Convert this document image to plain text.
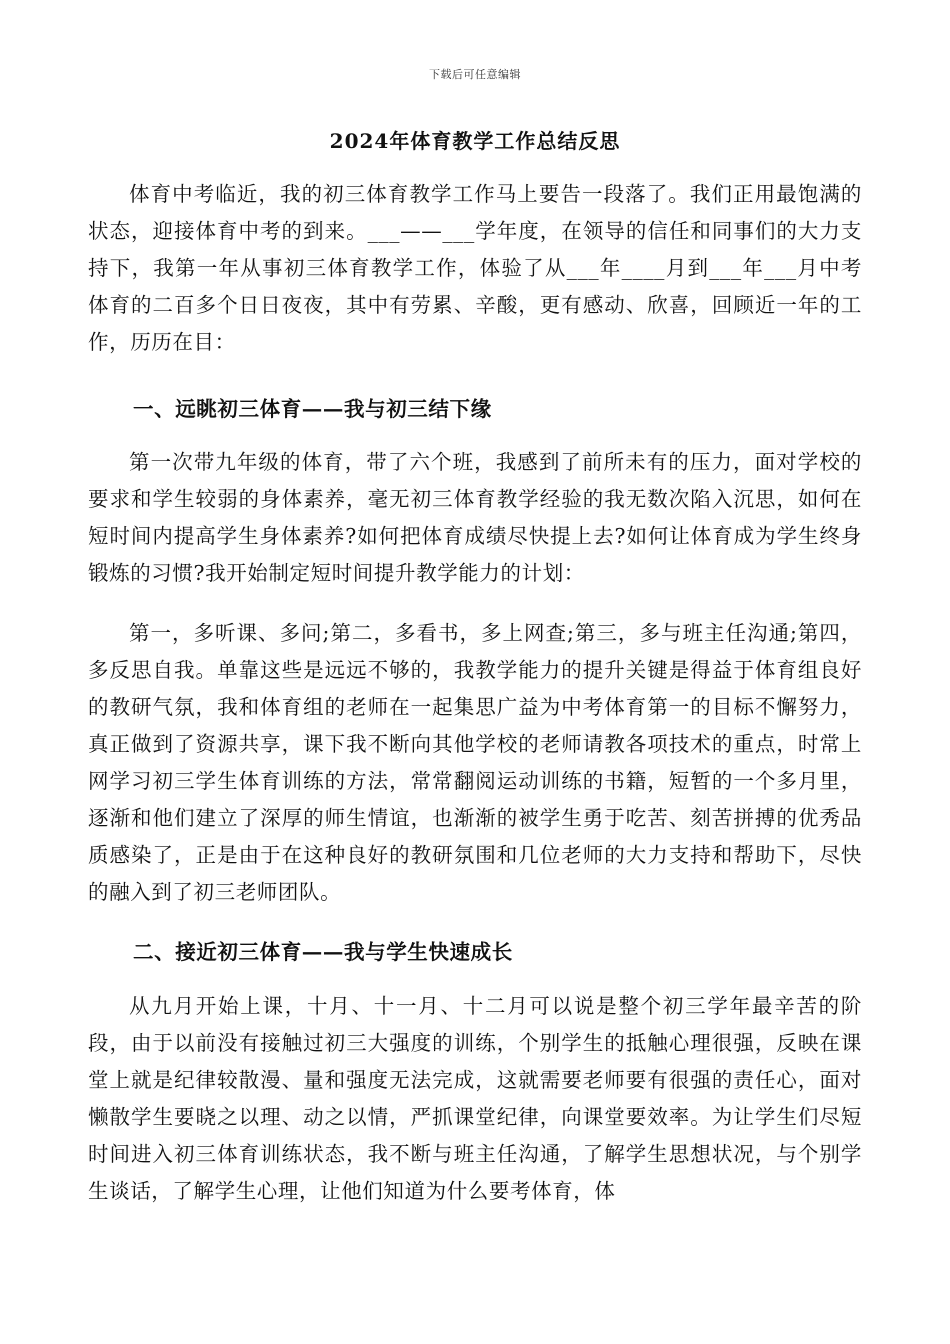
下载后可任意编辑
2024年体育教学工作总结反思

体育中考临近，我的初三体育教学工作马上要告一段落了。我们正用最饱满的状态，迎接体育中考的到来。___——___学年度，在领导的信任和同事们的大力支持下，我第一年从事初三体育教学工作，体验了从___年____月到___年___月中考体育的二百多个日日夜夜，其中有劳累、辛酸，更有感动、欣喜，回顾近一年的工作，历历在目：

一、远眺初三体育——我与初三结下缘

第一次带九年级的体育，带了六个班，我感到了前所未有的压力，面对学校的要求和学生较弱的身体素养，毫无初三体育教学经验的我无数次陷入沉思，如何在短时间内提高学生身体素养?如何把体育成绩尽快提上去?如何让体育成为学生终身锻炼的习惯?我开始制定短时间提升教学能力的计划：

第一，多听课、多问;第二，多看书，多上网查;第三，多与班主任沟通;第四，多反思自我。单靠这些是远远不够的，我教学能力的提升关键是得益于体育组良好的教研气氛，我和体育组的老师在一起集思广益为中考体育第一的目标不懈努力，真正做到了资源共享，课下我不断向其他学校的老师请教各项技术的重点，时常上网学习初三学生体育训练的方法，常常翻阅运动训练的书籍，短暂的一个多月里，逐渐和他们建立了深厚的师生情谊，也渐渐的被学生勇于吃苦、刻苦拼搏的优秀品质感染了，正是由于在这种良好的教研氛围和几位老师的大力支持和帮助下，尽快的融入到了初三老师团队。

二、接近初三体育——我与学生快速成长

从九月开始上课，十月、十一月、十二月可以说是整个初三学年最辛苦的阶段，由于以前没有接触过初三大强度的训练，个别学生的抵触心理很强，反映在课堂上就是纪律较散漫、量和强度无法完成，这就需要老师要有很强的责任心，面对懒散学生要晓之以理、动之以情，严抓课堂纪律，向课堂要效率。为让学生们尽短时间进入初三体育训练状态，我不断与班主任沟通，了解学生思想状况，与个别学生谈话，了解学生心理，让他们知道为什么要考体育，体
